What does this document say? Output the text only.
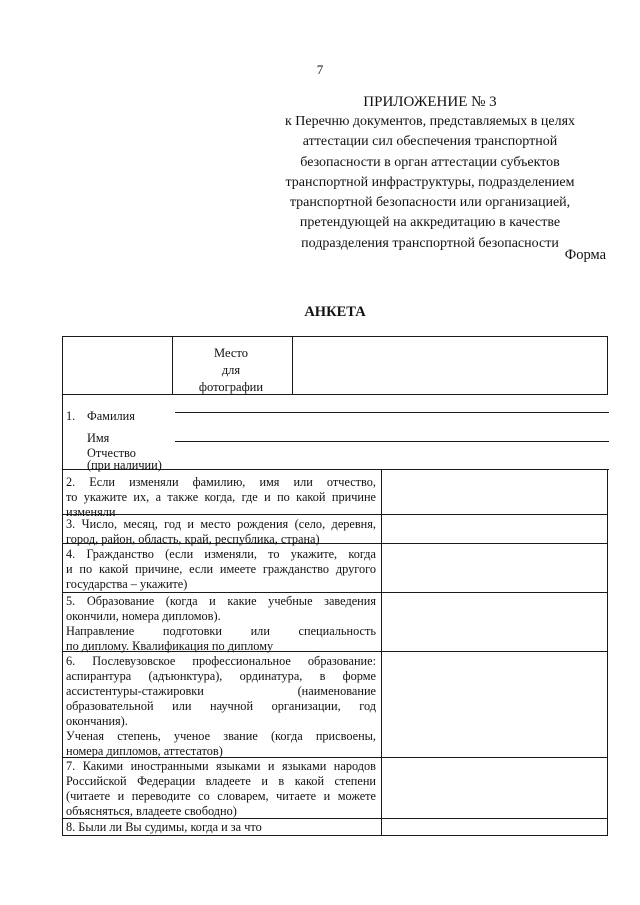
7
ПРИЛОЖЕНИЕ № 3
к Перечню документов, представляемых в целях
аттестации сил обеспечения транспортной
безопасности в орган аттестации субъектов
транспортной инфраструктуры, подразделением
транспортной безопасности или организацией,
претендующей на аккредитацию в качестве
подразделения транспортной безопасности
Форма
АНКЕТА
Место
для
фотографии
1. Фамилия
Имя
Отчество
(при наличии)
2. Если изменяли фамилию, имя или отчество,
то укажите их, а также когда, где и по какой причине
изменяли
3. Число, месяц, год и место рождения (село, деревня,
город, район, область, край, республика, страна)
4. Гражданство (если изменяли, то укажите, когда
и по какой причине, если имеете гражданство другого
государства – укажите)
5. Образование (когда и какие учебные заведения
окончили, номера дипломов).
Направление подготовки или специальность
по диплому. Квалификация по диплому
6. Послевузовское профессиональное образование:
аспирантура (адъюнктура), ординатура, в форме
ассистентуры-стажировки (наименование
образовательной или научной организации, год
окончания).
Ученая степень, ученое звание (когда присвоены,
номера дипломов, аттестатов)
7. Какими иностранными языками и языками народов
Российской Федерации владеете и в какой степени
(читаете и переводите со словарем, читаете и можете
объясняться, владеете свободно)
8. Были ли Вы судимы, когда и за что
